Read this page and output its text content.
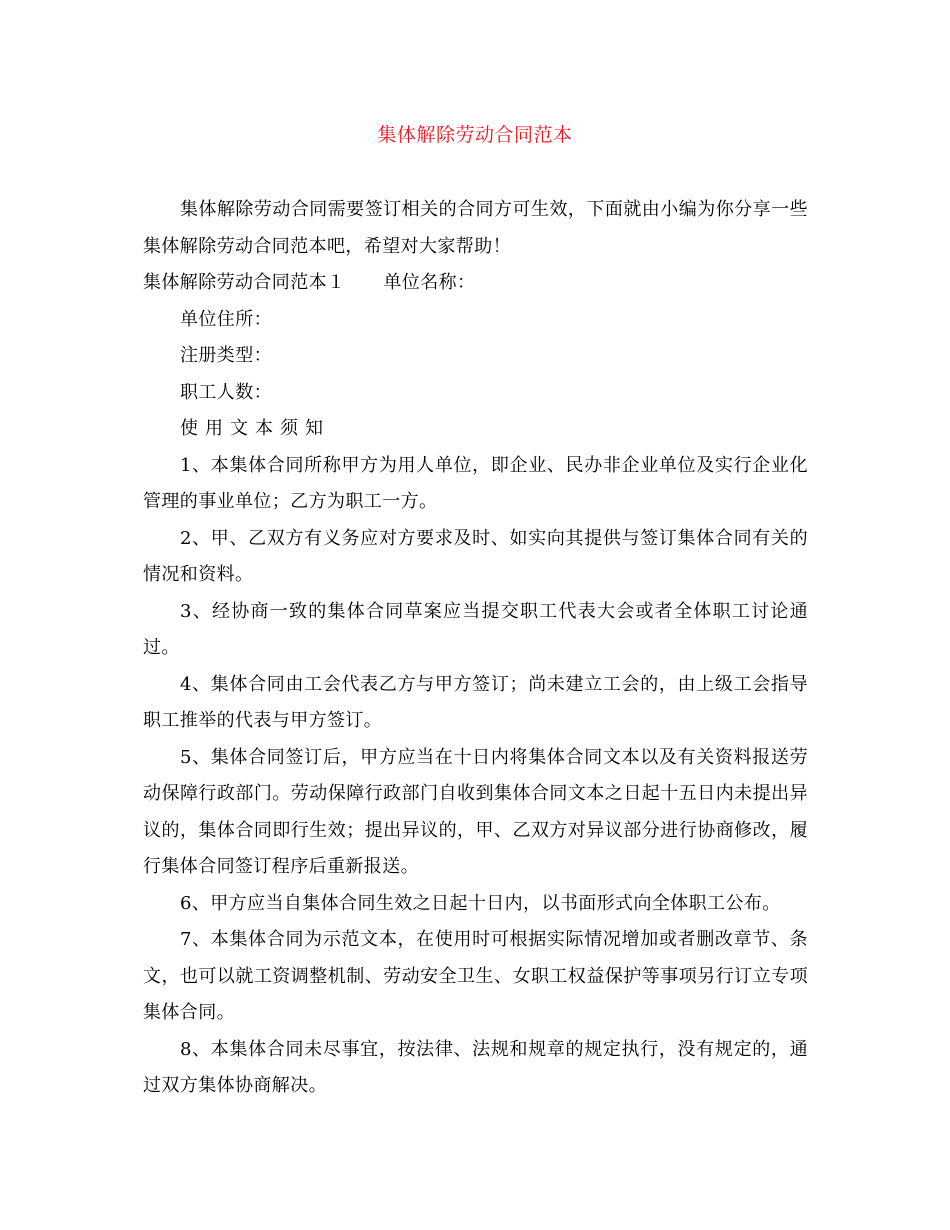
集体解除劳动合同范本

集体解除劳动合同需要签订相关的合同方可生效，下面就由小编为你分享一些集体解除劳动合同范本吧，希望对大家帮助！

集体解除劳动合同范本１ 单位名称：

单位住所：

注册类型：

职工人数：

使用文本须知

1、本集体合同所称甲方为用人单位，即企业、民办非企业单位及实行企业化管理的事业单位；乙方为职工一方。

2、甲、乙双方有义务应对方要求及时、如实向其提供与签订集体合同有关的情况和资料。

3、经协商一致的集体合同草案应当提交职工代表大会或者全体职工讨论通过。

4、集体合同由工会代表乙方与甲方签订；尚未建立工会的，由上级工会指导职工推举的代表与甲方签订。

5、集体合同签订后，甲方应当在十日内将集体合同文本以及有关资料报送劳动保障行政部门。劳动保障行政部门自收到集体合同文本之日起十五日内未提出异议的，集体合同即行生效；提出异议的，甲、乙双方对异议部分进行协商修改，履行集体合同签订程序后重新报送。

6、甲方应当自集体合同生效之日起十日内，以书面形式向全体职工公布。

7、本集体合同为示范文本，在使用时可根据实际情况增加或者删改章节、条文，也可以就工资调整机制、劳动安全卫生、女职工权益保护等事项另行订立专项集体合同。

8、本集体合同未尽事宜，按法律、法规和规章的规定执行，没有规定的，通过双方集体协商解决。
